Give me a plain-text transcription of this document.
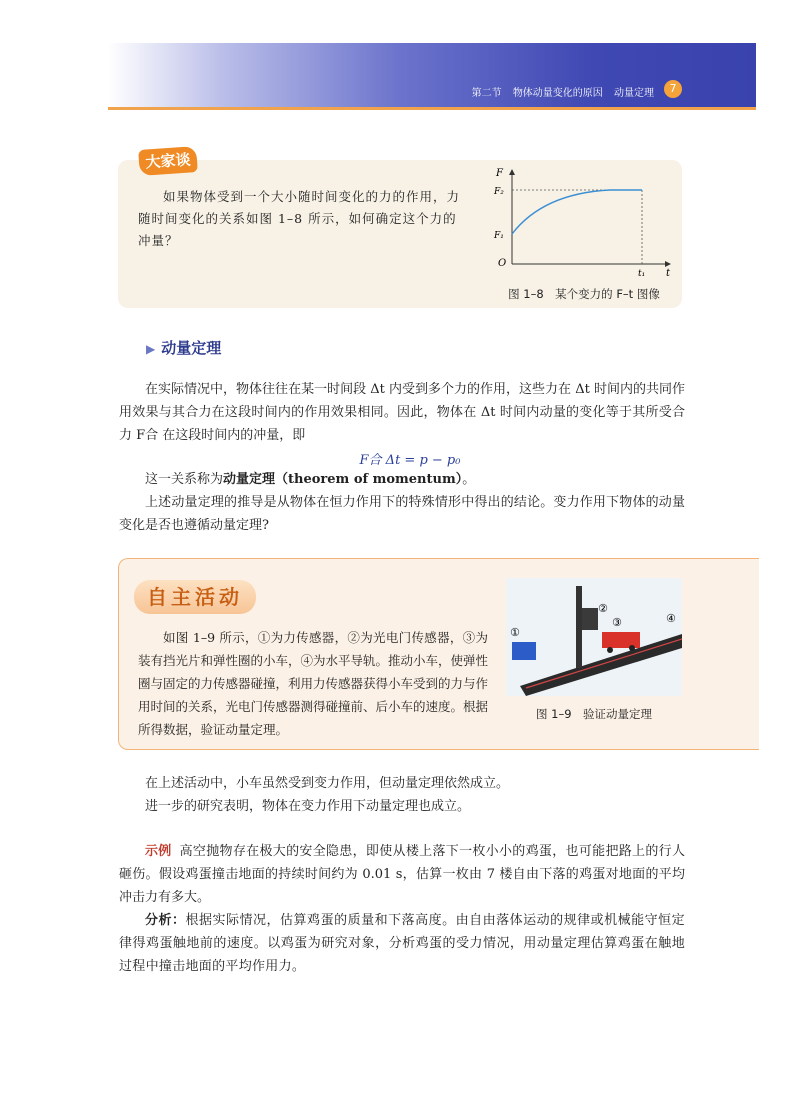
第二节 物体动量变化的原因 动量定理	7
大家谈
如果物体受到一个大小随时间变化的力的作用，力随时间变化的关系如图 1–8 所示，如何确定这个力的冲量？
F
t
O
F₂
F₁
t₁
图 1–8　某个变力的 F–t 图像
▶ 动量定理
在实际情况中，物体往往在某一时间段 Δt 内受到多个力的作用，这些力在 Δt 时间内的共同作用效果与其合力在这段时间内的作用效果相同。因此，物体在 Δt 时间内动量的变化等于其所受合力 F合 在这段时间内的冲量，即
F合 Δt = p − p₀
这一关系称为动量定理（theorem of momentum）。
上述动量定理的推导是从物体在恒力作用下的特殊情形中得出的结论。变力作用下物体的动量变化是否也遵循动量定理?
自主活动
如图 1–9 所示，①为力传感器，②为光电门传感器，③为装有挡光片和弹性圈的小车，④为水平导轨。推动小车，使弹性圈与固定的力传感器碰撞，利用力传感器获得小车受到的力与作用时间的关系，光电门传感器测得碰撞前、后小车的速度。根据所得数据，验证动量定理。
①
②
③	④
图 1–9　验证动量定理
在上述活动中，小车虽然受到变力作用，但动量定理依然成立。
进一步的研究表明，物体在变力作用下动量定理也成立。
示例 高空抛物存在极大的安全隐患，即使从楼上落下一枚小小的鸡蛋，也可能把路上的行人砸伤。假设鸡蛋撞击地面的持续时间约为 0.01 s，估算一枚由 7 楼自由下落的鸡蛋对地面的平均冲击力有多大。
分析：根据实际情况，估算鸡蛋的质量和下落高度。由自由落体运动的规律或机械能守恒定律得鸡蛋触地前的速度。以鸡蛋为研究对象，分析鸡蛋的受力情况，用动量定理估算鸡蛋在触地过程中撞击地面的平均作用力。
